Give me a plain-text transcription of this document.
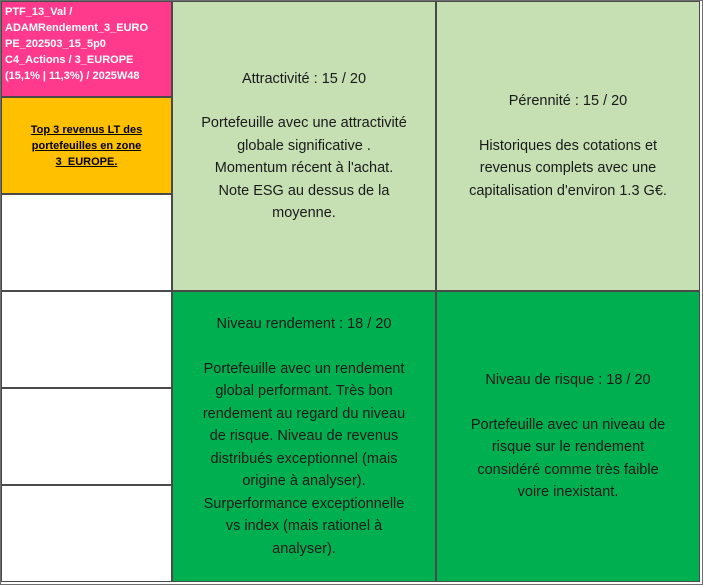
PTF_13_Val /
ADAMRendement_3_EURO
PE_202503_15_5p0
C4_Actions / 3_EUROPE
(15,1% | 11,3%) / 2025W48
Top 3 revenus LT des portefeuilles en zone 3_EUROPE.
Attractivité : 15 / 20
Portefeuille avec une attractivité
globale significative .
Momentum récent à l'achat.
Note ESG au dessus de la
moyenne.
Pérennité : 15 / 20
Historiques des cotations et
revenus complets avec une
capitalisation d'environ 1.3 G€.
Niveau rendement : 18 / 20
Portefeuille avec un rendement
global performant. Très bon
rendement au regard du niveau
de risque. Niveau de revenus
distribués exceptionnel (mais
origine à analyser).
Surperformance exceptionnelle
vs index (mais rationel à
analyser).
Niveau de risque : 18 / 20
Portefeuille avec un niveau de
risque sur le rendement
considéré comme très faible
voire inexistant.
